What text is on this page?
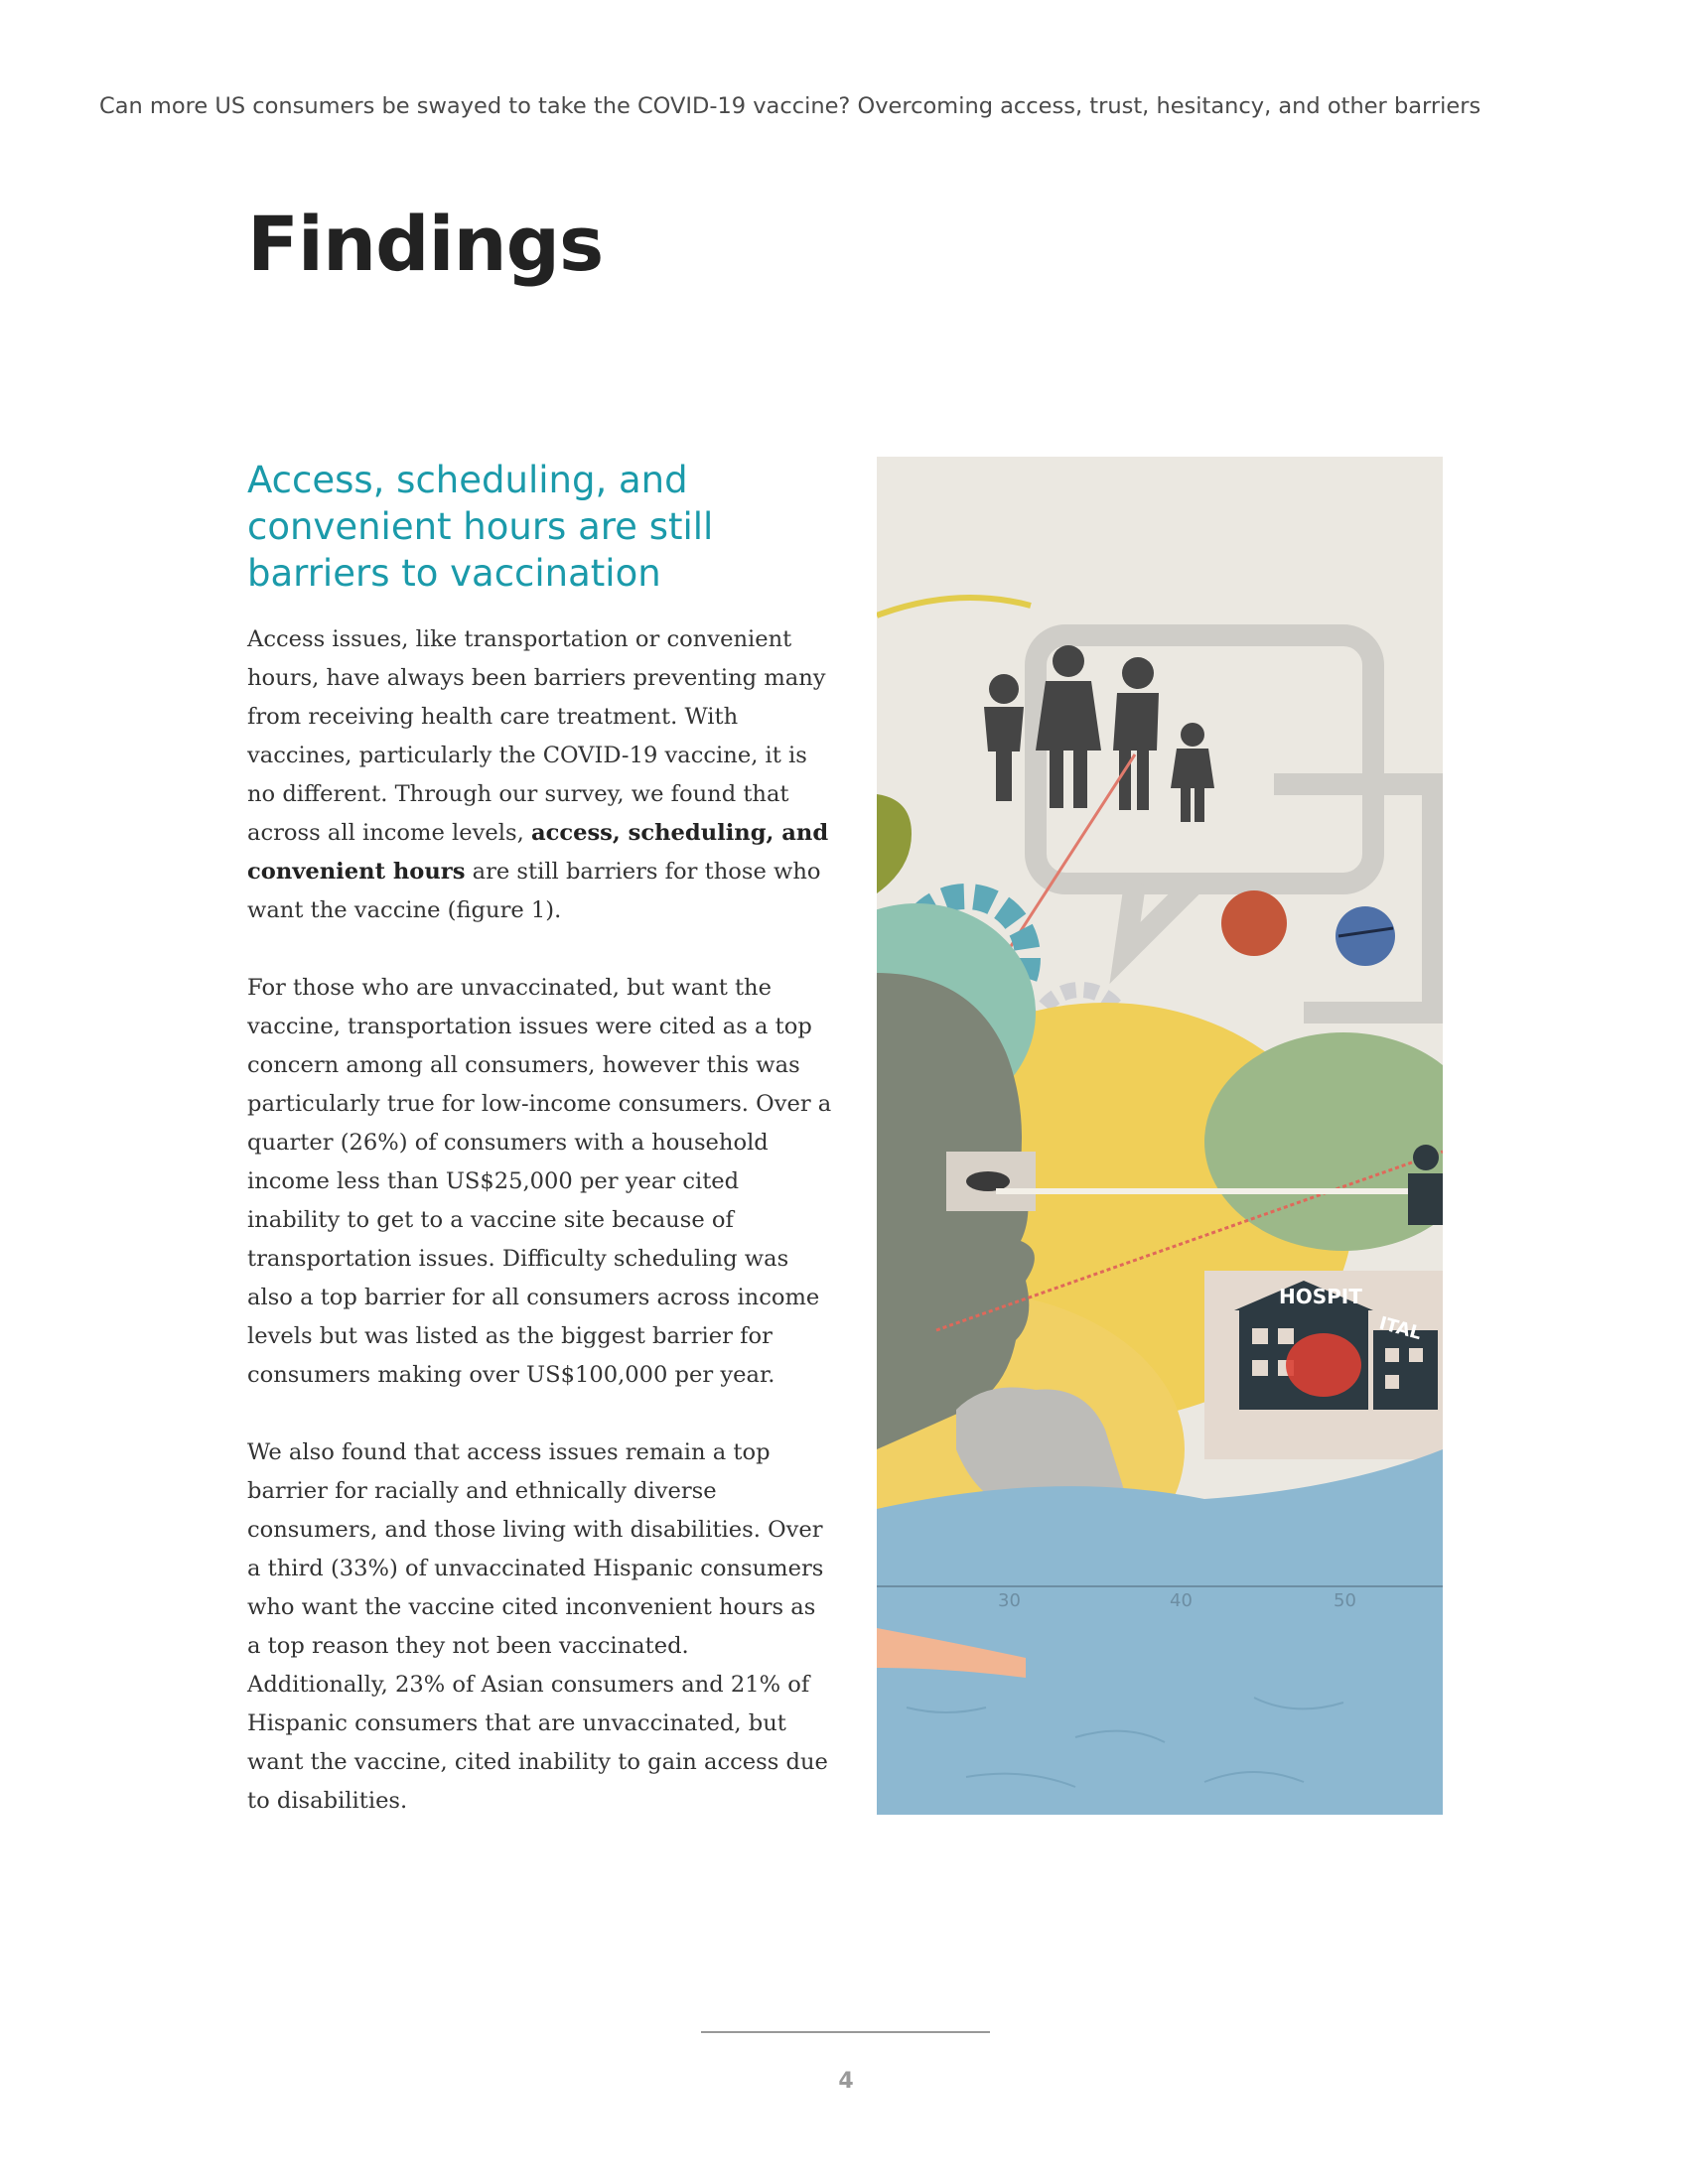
Can more US consumers be swayed to take the COVID-19 vaccine? Overcoming access, trust, hesitancy, and other barriers
Findings
Access, scheduling, and convenient hours are still barriers to vaccination

Access issues, like transportation or convenient hours, have always been barriers preventing many from receiving health care treatment. With vaccines, particularly the COVID-19 vaccine, it is no different. Through our survey, we found that across all income levels, access, scheduling, and convenient hours are still barriers for those who want the vaccine (figure 1).

For those who are unvaccinated, but want the vaccine, transportation issues were cited as a top concern among all consumers, however this was particularly true for low-income consumers. Over a quarter (26%) of consumers with a household income less than US$25,000 per year cited inability to get to a vaccine site because of transportation issues. Difficulty scheduling was also a top barrier for all consumers across income levels but was listed as the biggest barrier for consumers making over US$100,000 per year.

We also found that access issues remain a top barrier for racially and ethnically diverse consumers, and those living with disabilities. Over a third (33%) of unvaccinated Hispanic consumers who want the vaccine cited inconvenient hours as a top reason they not been vaccinated. Additionally, 23% of Asian consumers and 21% of Hispanic consumers that are unvaccinated, but want the vaccine, cited inability to gain access due to disabilities.

HOSPIT
ITAL
30	40	50
4
